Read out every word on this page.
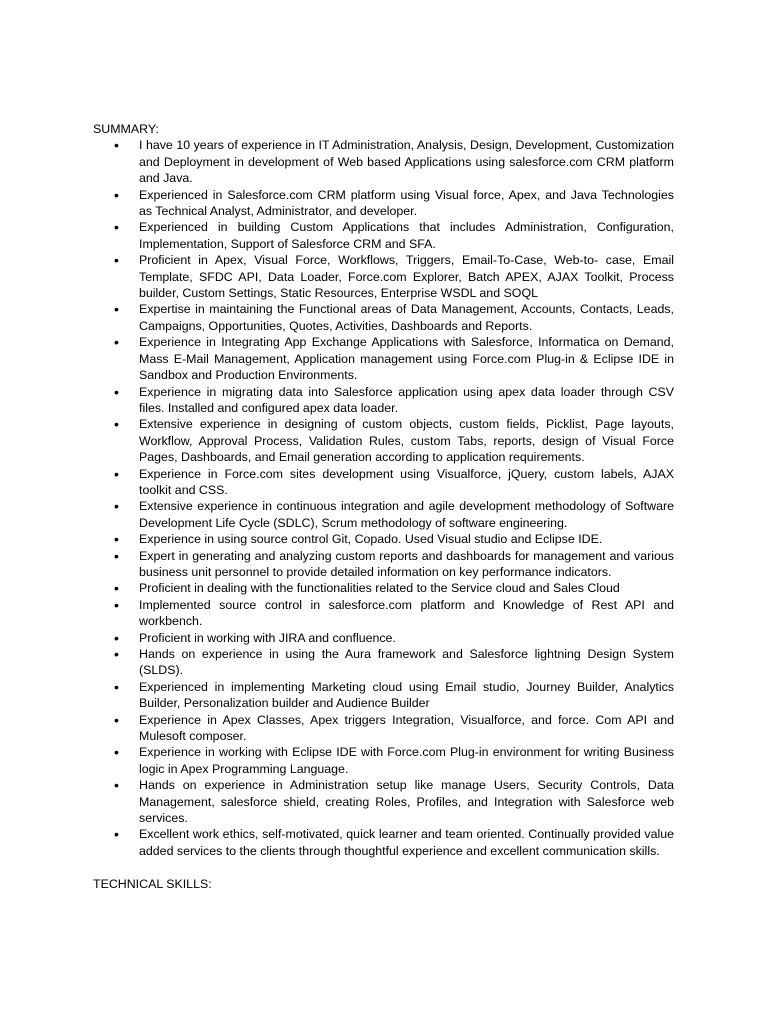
SUMMARY:

• I have 10 years of experience in IT Administration, Analysis, Design, Development, Customization and Deployment in development of Web based Applications using salesforce.com CRM platform and Java.
• Experienced in Salesforce.com CRM platform using Visual force, Apex, and Java Technologies as Technical Analyst, Administrator, and developer.
• Experienced in building Custom Applications that includes Administration, Configuration, Implementation, Support of Salesforce CRM and SFA.
• Proficient in Apex, Visual Force, Workflows, Triggers, Email-To-Case, Web-to- case, Email Template, SFDC API, Data Loader, Force.com Explorer, Batch APEX, AJAX Toolkit, Process builder, Custom Settings, Static Resources, Enterprise WSDL and SOQL
• Expertise in maintaining the Functional areas of Data Management, Accounts, Contacts, Leads, Campaigns, Opportunities, Quotes, Activities, Dashboards and Reports.
• Experience in Integrating App Exchange Applications with Salesforce, Informatica on Demand, Mass E-Mail Management, Application management using Force.com Plug-in & Eclipse IDE in Sandbox and Production Environments.
• Experience in migrating data into Salesforce application using apex data loader through CSV files. Installed and configured apex data loader.
• Extensive experience in designing of custom objects, custom fields, Picklist, Page layouts, Workflow, Approval Process, Validation Rules, custom Tabs, reports, design of Visual Force Pages, Dashboards, and Email generation according to application requirements.
• Experience in Force.com sites development using Visualforce, jQuery, custom labels, AJAX toolkit and CSS.
• Extensive experience in continuous integration and agile development methodology of Software Development Life Cycle (SDLC), Scrum methodology of software engineering.
• Experience in using source control Git, Copado. Used Visual studio and Eclipse IDE.
• Expert in generating and analyzing custom reports and dashboards for management and various business unit personnel to provide detailed information on key performance indicators.
• Proficient in dealing with the functionalities related to the Service cloud and Sales Cloud
• Implemented source control in salesforce.com platform and Knowledge of Rest API and workbench.
• Proficient in working with JIRA and confluence.
• Hands on experience in using the Aura framework and Salesforce lightning Design System (SLDS).
• Experienced in implementing Marketing cloud using Email studio, Journey Builder, Analytics Builder, Personalization builder and Audience Builder
• Experience in Apex Classes, Apex triggers Integration, Visualforce, and force. Com API and Mulesoft composer.
• Experience in working with Eclipse IDE with Force.com Plug-in environment for writing Business logic in Apex Programming Language.
• Hands on experience in Administration setup like manage Users, Security Controls, Data Management, salesforce shield, creating Roles, Profiles, and Integration with Salesforce web services.
• Excellent work ethics, self-motivated, quick learner and team oriented. Continually provided value added services to the clients through thoughtful experience and excellent communication skills.

TECHNICAL SKILLS:
